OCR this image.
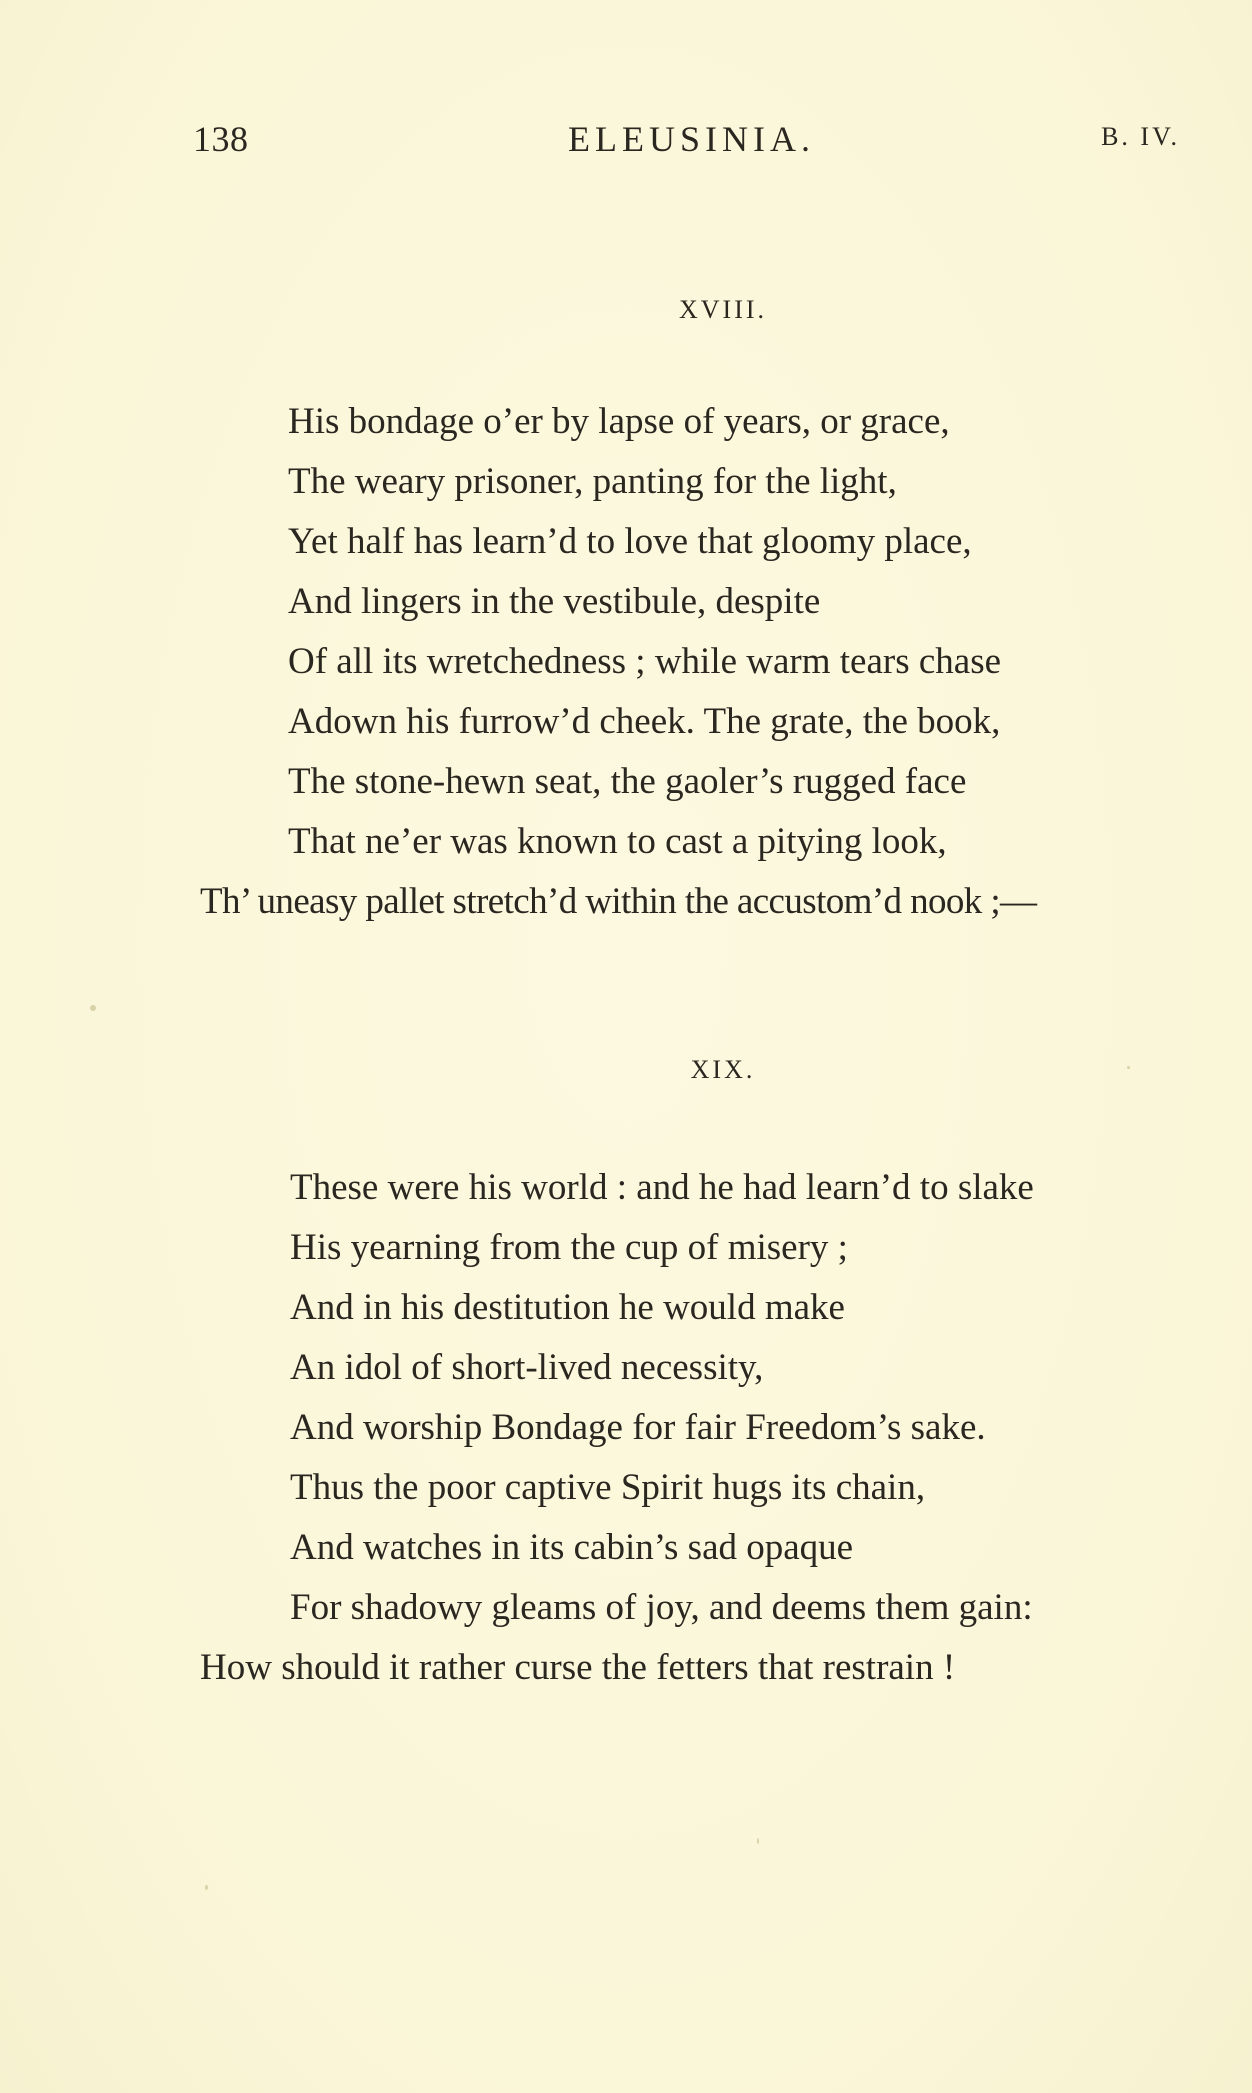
138	ELEUSINIA.	B. IV.
XVIII.
His bondage o’er by lapse of years, or grace,
The weary prisoner, panting for the light,
Yet half has learn’d to love that gloomy place,
And lingers in the vestibule, despite
Of all its wretchedness ; while warm tears chase
Adown his furrow’d cheek. The grate, the book,
The stone-hewn seat, the gaoler’s rugged face
That ne’er was known to cast a pitying look,
Th’ uneasy pallet stretch’d within the accustom’d nook ;—
XIX.
These were his world : and he had learn’d to slake
His yearning from the cup of misery ;
And in his destitution he would make
An idol of short-lived necessity,
And worship Bondage for fair Freedom’s sake.
Thus the poor captive Spirit hugs its chain,
And watches in its cabin’s sad opaque
For shadowy gleams of joy, and deems them gain:
How should it rather curse the fetters that restrain !
